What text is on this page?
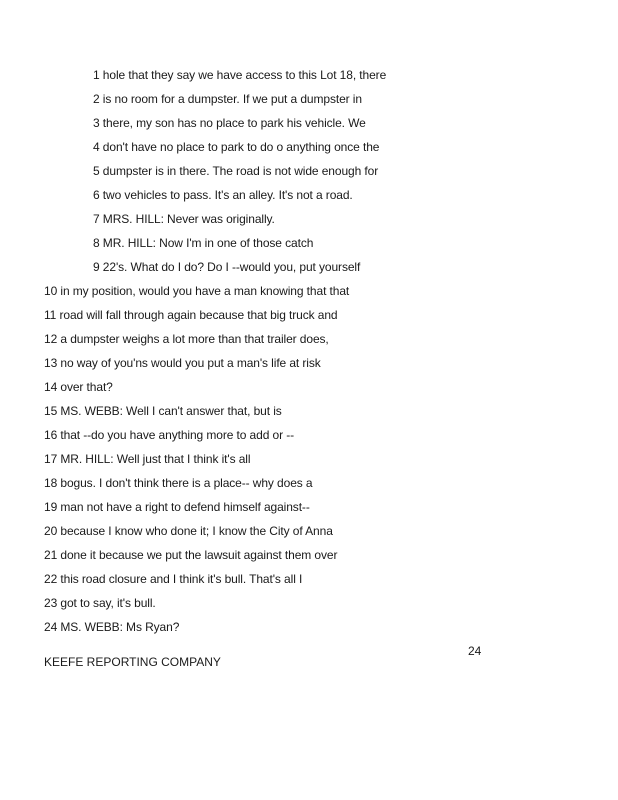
1 hole that they say we have access to this Lot 18, there
2 is no room for a dumpster. If we put a dumpster in
3 there, my son has no place to park his vehicle. We
4 don't have no place to park to do o anything once the
5 dumpster is in there. The road is not wide enough for
6 two vehicles to pass. It's an alley. It's not a road.
7 MRS. HILL: Never was originally.
8 MR. HILL: Now I'm in one of those catch
9 22's. What do I do? Do I --would you, put yourself
10 in my position, would you have a man knowing that that
11 road will fall through again because that big truck and
12 a dumpster weighs a lot more than that trailer does,
13 no way of you'ns would you put a man's life at risk
14 over that?
15 MS. WEBB: Well I can't answer that, but is
16 that --do you have anything more to add or --
17 MR. HILL: Well just that I think it's all
18 bogus. I don't think there is a place-- why does a
19 man not have a right to defend himself against--
20 because I know who done it; I know the City of Anna
21 done it because we put the lawsuit against them over
22 this road closure and I think it's bull. That's all I
23 got to say, it's bull.
24 MS. WEBB: Ms Ryan?
24
KEEFE REPORTING COMPANY
